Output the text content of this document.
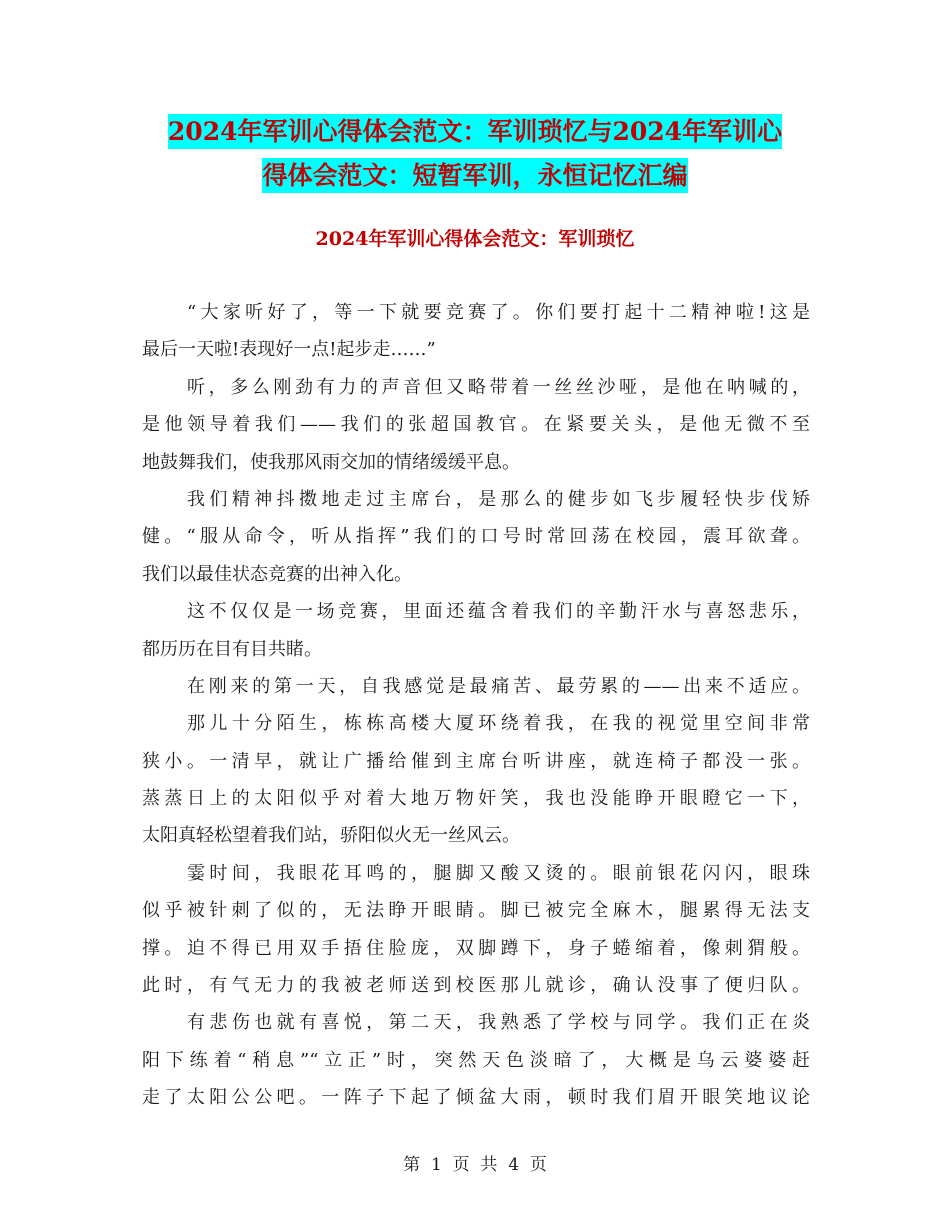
2024年军训心得体会范文：军训琐忆与2024年军训心
得体会范文：短暂军训，永恒记忆汇编
2024年军训心得体会范文：军训琐忆
“大家听好了，等一下就要竞赛了。你们要打起十二精神啦!这是
最后一天啦!表现好一点!起步走……”
听，多么刚劲有力的声音但又略带着一丝丝沙哑，是他在呐喊的，
是他领导着我们——我们的张超国教官。在紧要关头，是他无微不至
地鼓舞我们，使我那风雨交加的情绪缓缓平息。
我们精神抖擞地走过主席台，是那么的健步如飞步履轻快步伐矫
健。“服从命令，听从指挥”我们的口号时常回荡在校园，震耳欲聋。
我们以最佳状态竞赛的出神入化。
这不仅仅是一场竞赛，里面还蕴含着我们的辛勤汗水与喜怒悲乐，
都历历在目有目共睹。
在刚来的第一天，自我感觉是最痛苦、最劳累的——出来不适应。
那儿十分陌生，栋栋高楼大厦环绕着我，在我的视觉里空间非常
狭小。一清早，就让广播给催到主席台听讲座，就连椅子都没一张。
蒸蒸日上的太阳似乎对着大地万物奸笑，我也没能睁开眼瞪它一下，
太阳真轻松望着我们站，骄阳似火无一丝风云。
霎时间，我眼花耳鸣的，腿脚又酸又烫的。眼前银花闪闪，眼珠
似乎被针刺了似的，无法睁开眼睛。脚已被完全麻木，腿累得无法支
撑。迫不得已用双手捂住脸庞，双脚蹲下，身子蜷缩着，像刺猬般。
此时，有气无力的我被老师送到校医那儿就诊，确认没事了便归队。
有悲伤也就有喜悦，第二天，我熟悉了学校与同学。我们正在炎
阳下练着“稍息”“立正”时，突然天色淡暗了，大概是乌云婆婆赶
走了太阳公公吧。一阵子下起了倾盆大雨，顿时我们眉开眼笑地议论
第  1  页  共  4  页
